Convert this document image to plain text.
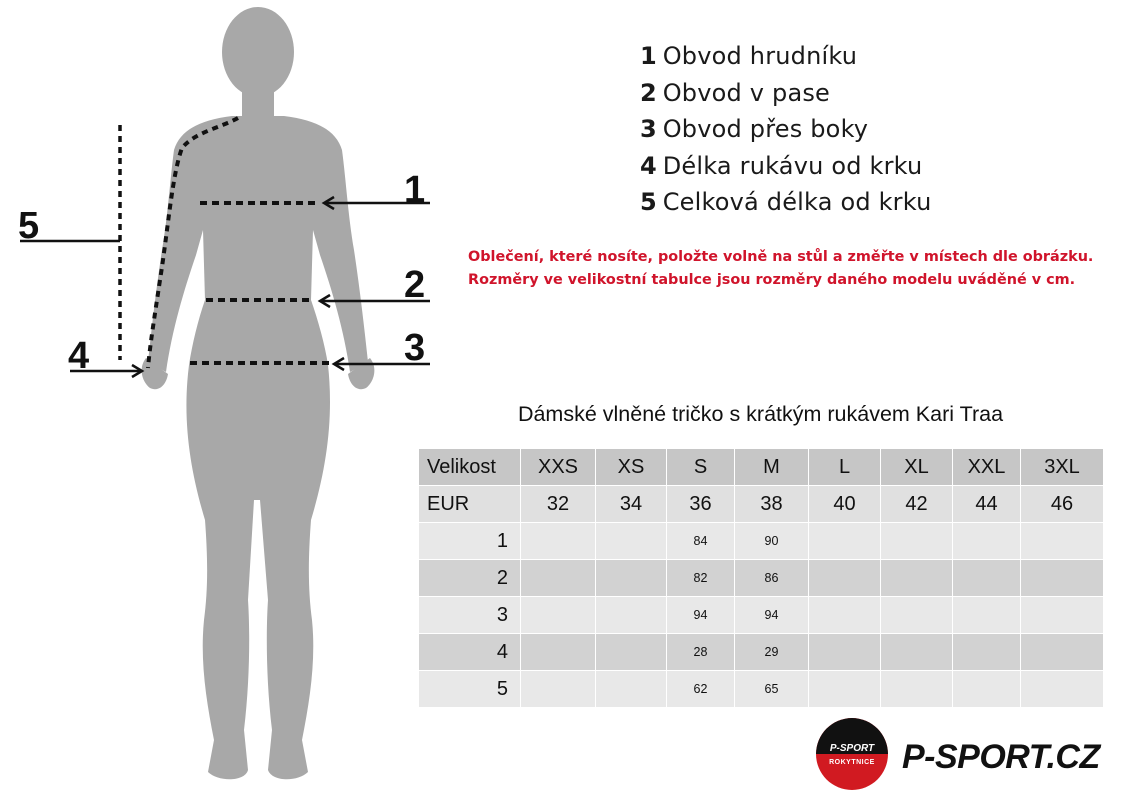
1
2
3
4
5
1 Obvod hrudníku
2 Obvod v pase
3 Obvod přes boky
4 Délka rukávu od krku
5 Celková délka od krku
Oblečení, které nosíte, položte volně na stůl a změřte v místech dle obrázku.
Rozměry ve velikostní tabulce jsou rozměry daného modelu uváděné v cm.
Dámské vlněné tričko s krátkým rukávem Kari Traa
Velikost	XXS	XS	S	M	L	XL	XXL	3XL
EUR	32	34	36	38	40	42	44	46
1			84	90				
2			82	86				
3			94	94				
4			28	29				
5			62	65				
P-SPORT
ROKYTNICE P-SPORT.CZ
